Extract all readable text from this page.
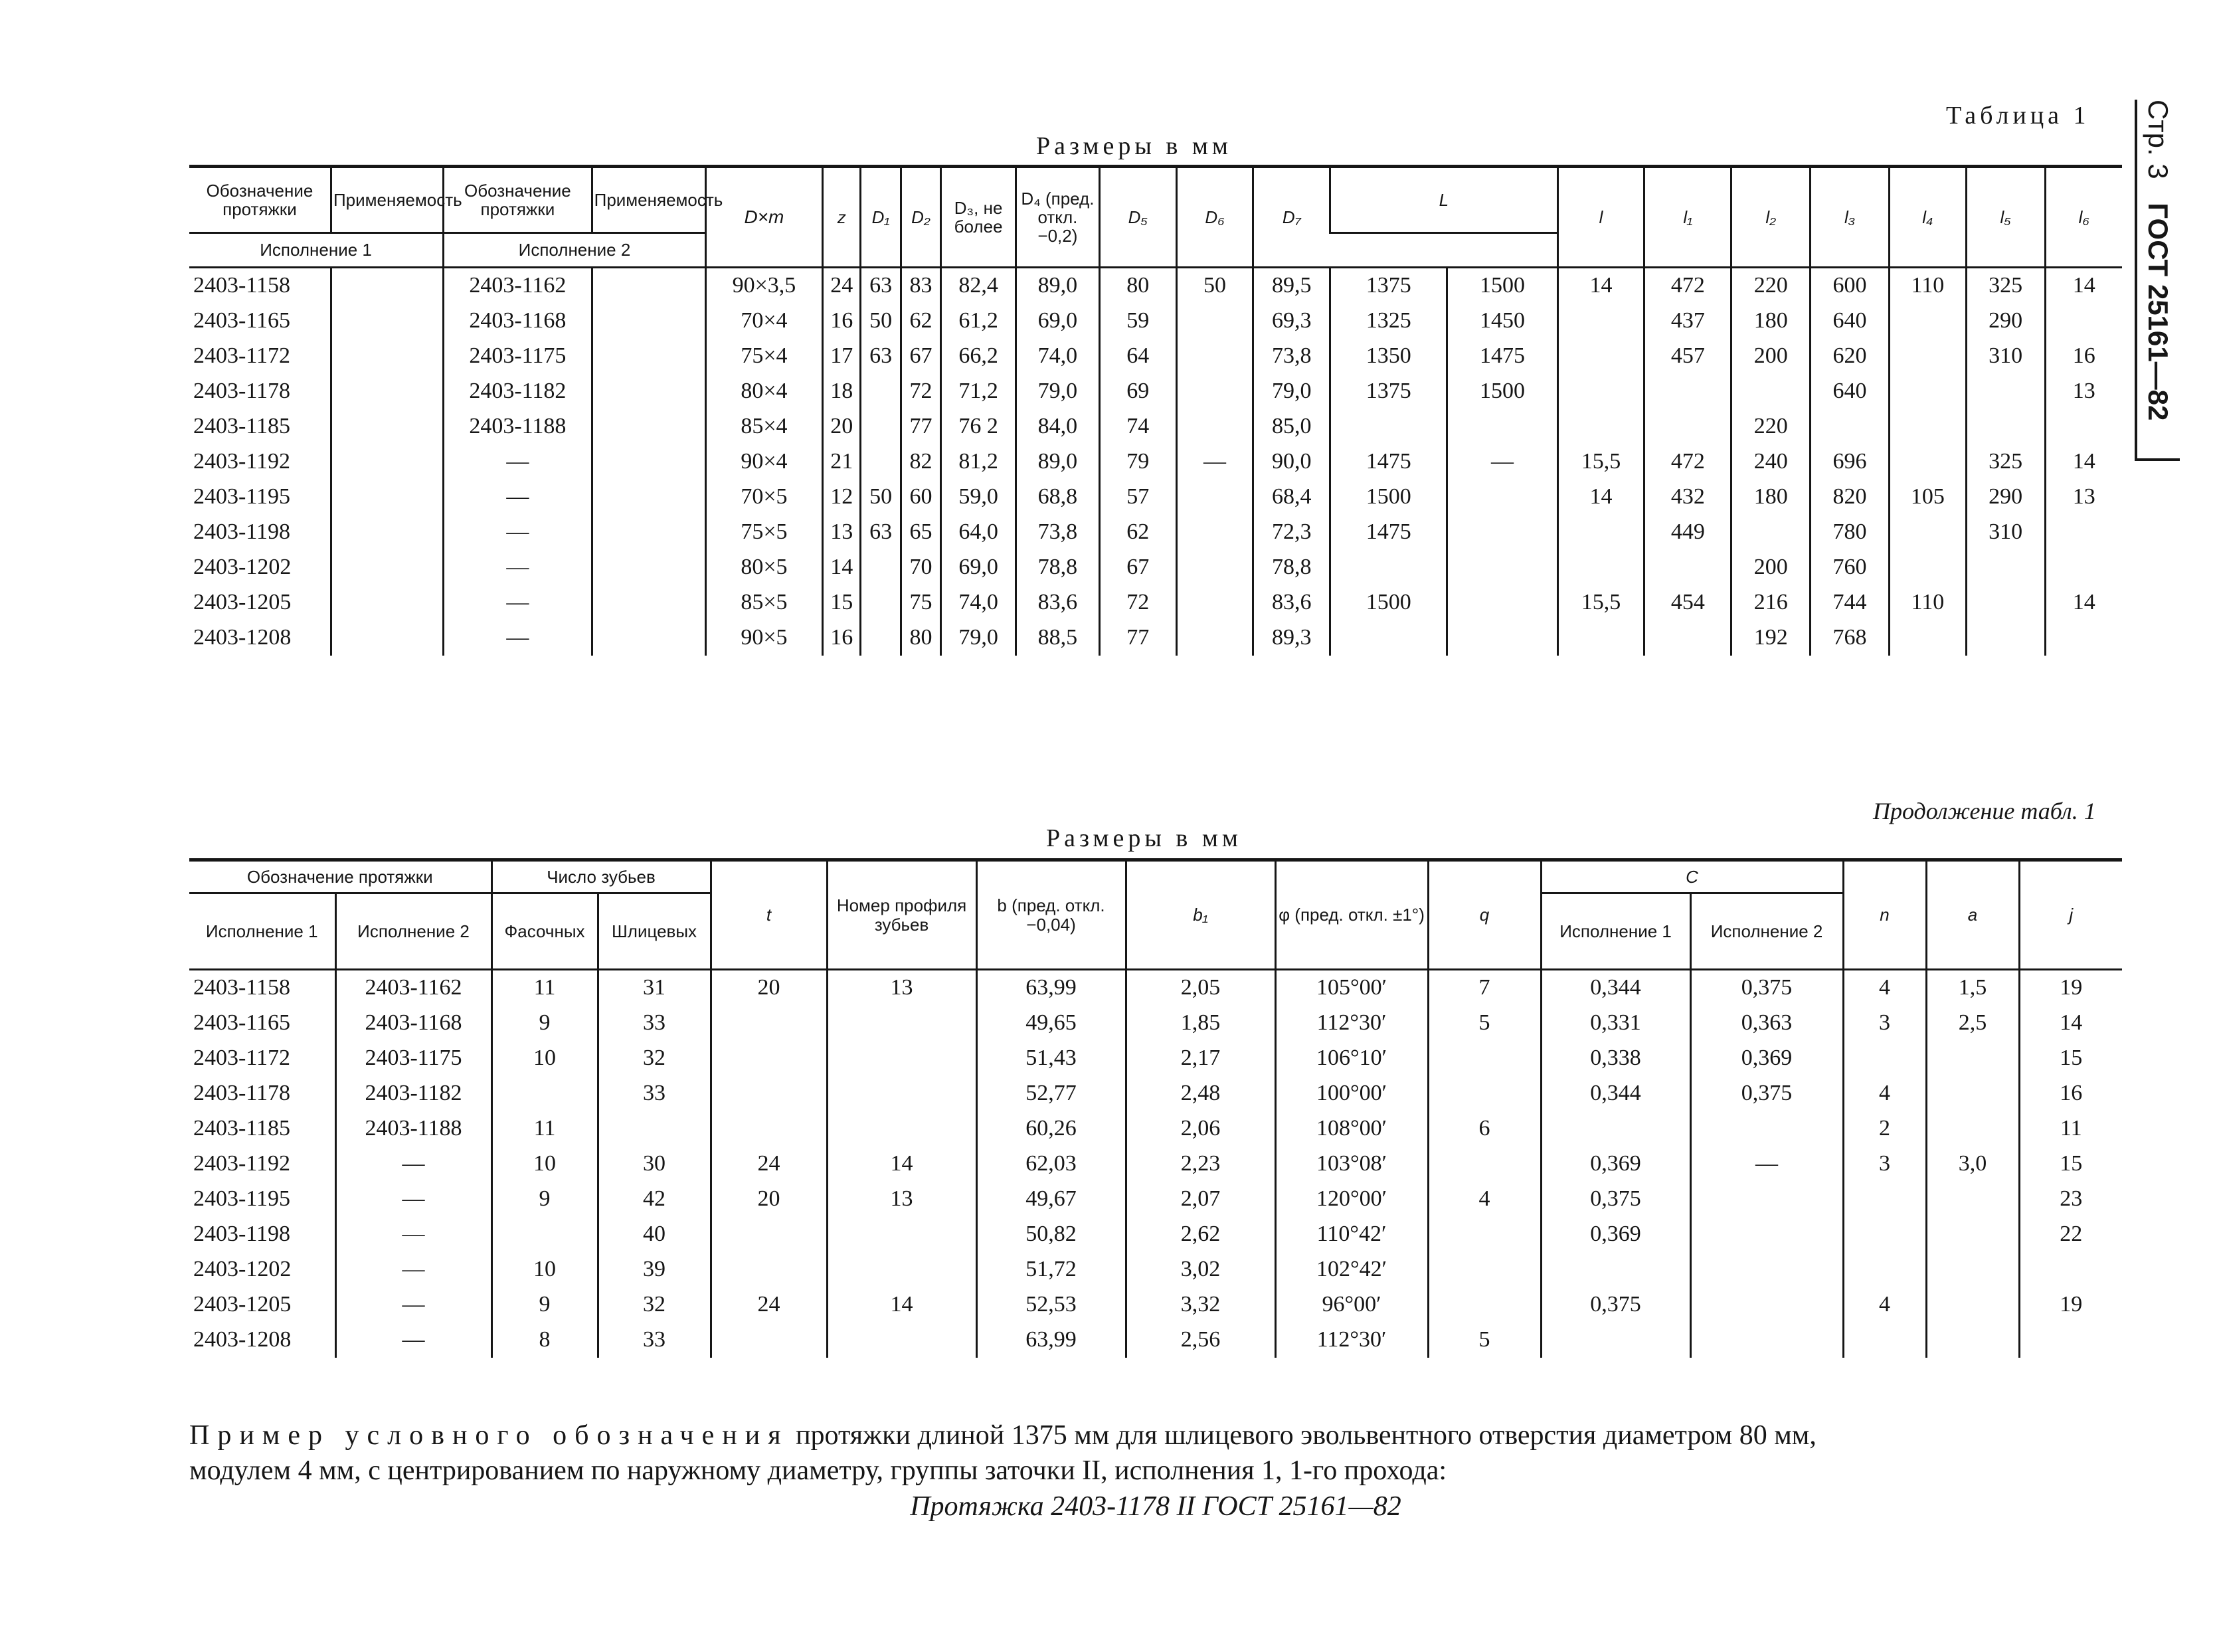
Стр. 3 ГОСТ 25161—82
Таблица 1
Размеры в мм
Обозначение протяжки	Применяемость	Обозначение протяжки	Применяемость	D×m	z	D₁	D₂	D₃, не более	D₄ (пред. откл. −0,2)	D₅	D₆	D₇	L		l	l₁	l₂	l₃	l₄	l₅	l₆
Исполнение 1		Исполнение 2																			
2403-1158		2403-1162		90×3,5	24	63	83	82,4	89,0	80	50	89,5	1375	1500	14	472	220	600	110	325	14
2403-1165		2403-1168		70×4	16	50	62	61,2	69,0	59		69,3	1325	1450		437	180	640		290	
2403-1172		2403-1175		75×4	17	63	67	66,2	74,0	64		73,8	1350	1475		457	200	620		310	16
2403-1178		2403-1182		80×4	18		72	71,2	79,0	69		79,0	1375	1500				640			13
2403-1185		2403-1188		85×4	20		77	76 2	84,0	74		85,0					220				
2403-1192		—		90×4	21		82	81,2	89,0	79	—	90,0	1475	—	15,5	472	240	696		325	14
2403-1195		—		70×5	12	50	60	59,0	68,8	57		68,4	1500		14	432	180	820	105	290	13
2403-1198		—		75×5	13	63	65	64,0	73,8	62		72,3	1475			449		780		310	
2403-1202		—		80×5	14		70	69,0	78,8	67		78,8					200	760			
2403-1205		—		85×5	15		75	74,0	83,6	72		83,6	1500		15,5	454	216	744	110		14
2403-1208		—		90×5	16		80	79,0	88,5	77		89,3					192	768			
Продолжение табл. 1
Размеры в мм
Обозначение протяжки		Число зубьев		t	Номер профиля зубьев	b (пред. откл. −0,04)	b₁	φ (пред. откл. ±1°)	q	C		n	a	j
Исполнение 1	Исполнение 2	Фасочных	Шлицевых							Исполнение 1	Исполнение 2			
2403-1158	2403-1162	11	31	20	13	63,99	2,05	105°00′	7	0,344	0,375	4	1,5	19
2403-1165	2403-1168	9	33			49,65	1,85	112°30′	5	0,331	0,363	3	2,5	14
2403-1172	2403-1175	10	32			51,43	2,17	106°10′		0,338	0,369			15
2403-1178	2403-1182		33			52,77	2,48	100°00′		0,344	0,375	4		16
2403-1185	2403-1188	11				60,26	2,06	108°00′	6			2		11
2403-1192	—	10	30	24	14	62,03	2,23	103°08′		0,369	—	3	3,0	15
2403-1195	—	9	42	20	13	49,67	2,07	120°00′	4	0,375				23
2403-1198	—		40			50,82	2,62	110°42′		0,369				22
2403-1202	—	10	39			51,72	3,02	102°42′						
2403-1205	—	9	32	24	14	52,53	3,32	96°00′		0,375		4		19
2403-1208	—	8	33			63,99	2,56	112°30′	5					
Пример условного обозначения протяжки длиной 1375 мм для шлицевого эвольвентного отверстия диаметром 80 мм,
модулем 4 мм, с центрированием по наружному диаметру, группы заточки II, исполнения 1, 1-го прохода:
Протяжка 2403-1178 II ГОСТ 25161—82
